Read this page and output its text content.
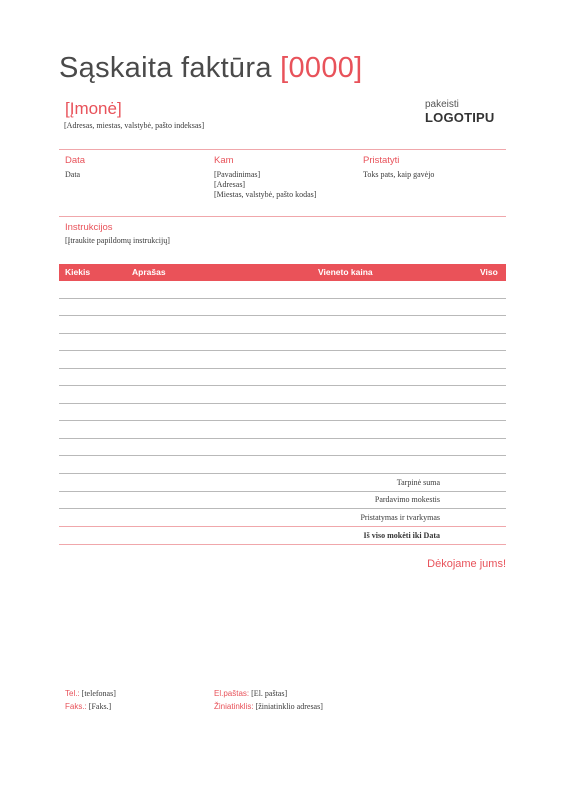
Sąskaita faktūra [0000]
[Įmonė]
[Adresas, miestas, valstybė, pašto indeksas]
pakeisti
LOGOTIPU
Data
Data
Kam
[Pavadinimas]
[Adresas]
[Miestas, valstybė, pašto kodas]
Pristatyti
Toks pats, kaip gavėjo
Instrukcijos
[Įtraukite papildomų instrukcijų]
Kiekis	Aprašas	Vieneto kaina	Viso
Tarpinė suma
Pardavimo mokestis
Pristatymas ir tvarkymas
Iš viso mokėti iki Data
Dėkojame jums!
Tel.: [telefonas]
Faks.: [Faks.]
El.paštas: [El. paštas]
Žiniatinklis: [žiniatinklio adresas]
